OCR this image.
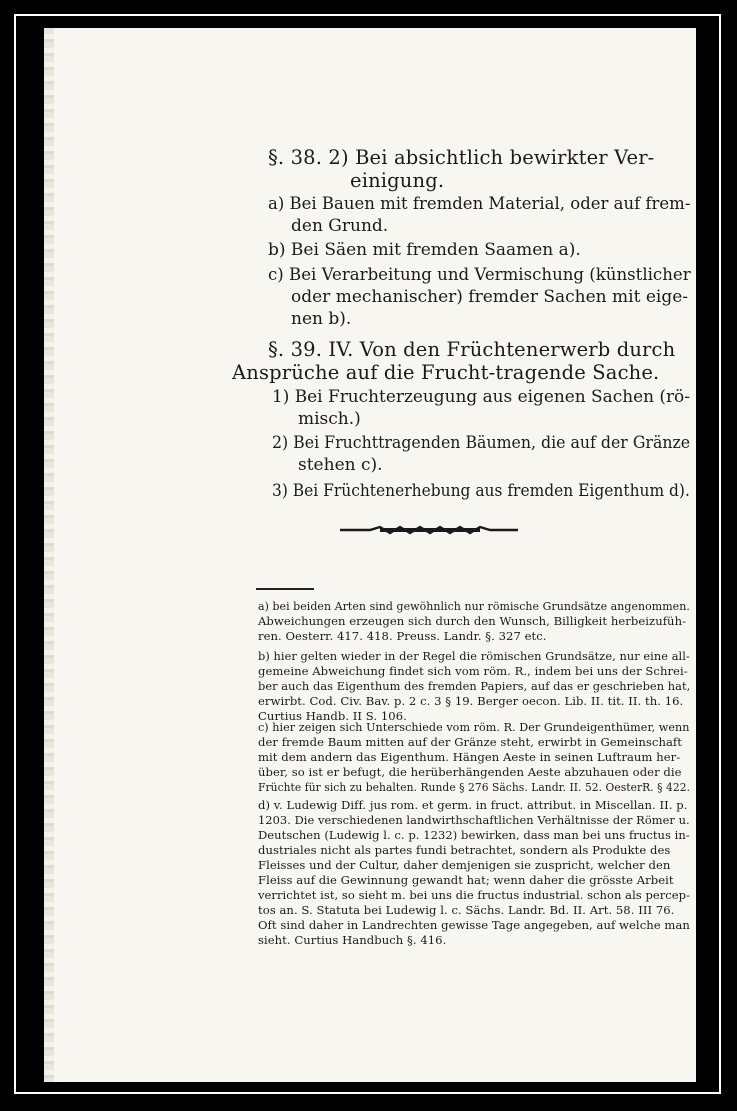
§. 38. 2) Bei absichtlich bewirkter Ver-
einigung.
a) Bei Bauen mit fremden Material, oder auf frem-
den Grund.
b) Bei Säen mit fremden Saamen a).
c) Bei Verarbeitung und Vermischung (künstlicher
oder mechanischer) fremder Sachen mit eige-
nen b).
§. 39. IV. Von den Früchtenerwerb durch
Ansprüche auf die Frucht-tragende Sache.
1) Bei Fruchterzeugung aus eigenen Sachen (rö-
misch.)
2) Bei Fruchttragenden Bäumen, die auf der Gränze
stehen c).
3) Bei Früchtenerhebung aus fremden Eigenthum d).
a) bei beiden Arten sind gewöhnlich nur römische Grundsätze angenommen.
Abweichungen erzeugen sich durch den Wunsch, Billigkeit herbeizufüh-
ren. Oesterr. 417. 418. Preuss. Landr. §. 327 etc.
b) hier gelten wieder in der Regel die römischen Grundsätze, nur eine all-
gemeine Abweichung findet sich vom röm. R., indem bei uns der Schrei-
ber auch das Eigenthum des fremden Papiers, auf das er geschrieben hat,
erwirbt. Cod. Civ. Bav. p. 2 c. 3 § 19. Berger oecon. Lib. II. tit. II. th. 16.
Curtius Handb. II S. 106.
c) hier zeigen sich Unterschiede vom röm. R. Der Grundeigenthümer, wenn
der fremde Baum mitten auf der Gränze steht, erwirbt in Gemeinschaft
mit dem andern das Eigenthum. Hängen Aeste in seinen Luftraum her-
über, so ist er befugt, die herüberhängenden Aeste abzuhauen oder die
Früchte für sich zu behalten. Runde § 276 Sächs. Landr. II. 52. OesterR. § 422.
d) v. Ludewig Diff. jus rom. et germ. in fruct. attribut. in Miscellan. II. p.
1203. Die verschiedenen landwirthschaftlichen Verhältnisse der Römer u.
Deutschen (Ludewig l. c. p. 1232) bewirken, dass man bei uns fructus in-
dustriales nicht als partes fundi betrachtet, sondern als Produkte des
Fleisses und der Cultur, daher demjenigen sie zuspricht, welcher den
Fleiss auf die Gewinnung gewandt hat; wenn daher die grösste Arbeit
verrichtet ist, so sieht m. bei uns die fructus industrial. schon als percep-
tos an. S. Statuta bei Ludewig l. c. Sächs. Landr. Bd. II. Art. 58. III 76.
Oft sind daher in Landrechten gewisse Tage angegeben, auf welche man
sieht. Curtius Handbuch §. 416.
